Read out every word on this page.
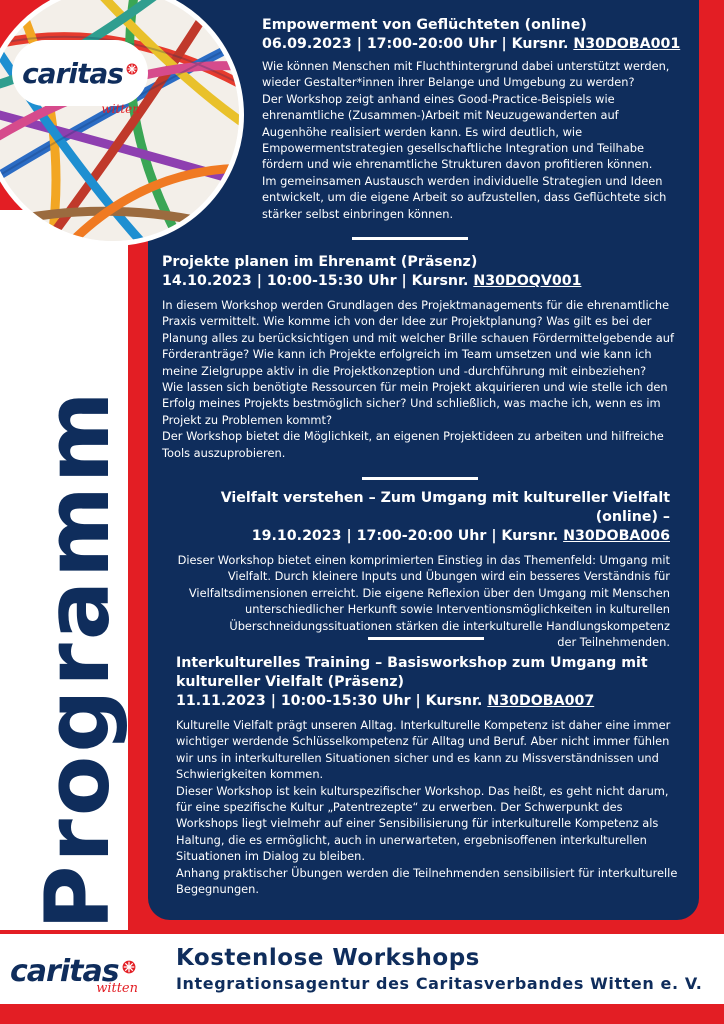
caritas
witten
Programm
Empowerment von Geflüchteten (online)
06.09.2023 | 17:00-20:00 Uhr | Kursnr. N30DOBA001

Wie können Menschen mit Fluchthintergrund dabei unterstützt werden,
wieder Gestalter*innen ihrer Belange und Umgebung zu werden?
Der Workshop zeigt anhand eines Good-Practice-Beispiels wie
ehrenamtliche (Zusammen-)Arbeit mit Neuzugewanderten auf
Augenhöhe realisiert werden kann. Es wird deutlich, wie
Empowermentstrategien gesellschaftliche Integration und Teilhabe
fördern und wie ehrenamtliche Strukturen davon profitieren können.
Im gemeinsamen Austausch werden individuelle Strategien und Ideen
entwickelt, um die eigene Arbeit so aufzustellen, dass Geflüchtete sich
stärker selbst einbringen können.

Projekte planen im Ehrenamt (Präsenz)
14.10.2023 | 10:00-15:30 Uhr | Kursnr. N30DOQV001

In diesem Workshop werden Grundlagen des Projektmanagements für die ehrenamtliche
Praxis vermittelt. Wie komme ich von der Idee zur Projektplanung? Was gilt es bei der
Planung alles zu berücksichtigen und mit welcher Brille schauen Fördermittelgebende auf
Förderanträge? Wie kann ich Projekte erfolgreich im Team umsetzen und wie kann ich
meine Zielgruppe aktiv in die Projektkonzeption und -durchführung mit einbeziehen?
Wie lassen sich benötigte Ressourcen für mein Projekt akquirieren und wie stelle ich den
Erfolg meines Projekts bestmöglich sicher? Und schließlich, was mache ich, wenn es im
Projekt zu Problemen kommt?
Der Workshop bietet die Möglichkeit, an eigenen Projektideen zu arbeiten und hilfreiche
Tools auszuprobieren.

Vielfalt verstehen – Zum Umgang mit kultureller Vielfalt (online) –
19.10.2023 | 17:00-20:00 Uhr | Kursnr. N30DOBA006

Dieser Workshop bietet einen komprimierten Einstieg in das Themenfeld: Umgang mit
Vielfalt. Durch kleinere Inputs und Übungen wird ein besseres Verständnis für
Vielfaltsdimensionen erreicht. Die eigene Reflexion über den Umgang mit Menschen
unterschiedlicher Herkunft sowie Interventionsmöglichkeiten in kulturellen
Überschneidungssituationen stärken die interkulturelle Handlungskompetenz
der Teilnehmenden.

Interkulturelles Training – Basisworkshop zum Umgang mit
kultureller Vielfalt (Präsenz)
11.11.2023 | 10:00-15:30 Uhr | Kursnr. N30DOBA007

Kulturelle Vielfalt prägt unseren Alltag. Interkulturelle Kompetenz ist daher eine immer
wichtiger werdende Schlüsselkompetenz für Alltag und Beruf. Aber nicht immer fühlen
wir uns in interkulturellen Situationen sicher und es kann zu Missverständnissen und
Schwierigkeiten kommen.
Dieser Workshop ist kein kulturspezifischer Workshop. Das heißt, es geht nicht darum,
für eine spezifische Kultur „Patentrezepte“ zu erwerben. Der Schwerpunkt des
Workshops liegt vielmehr auf einer Sensibilisierung für interkulturelle Kompetenz als
Haltung, die es ermöglicht, auch in unerwarteten, ergebnisoffenen interkulturellen
Situationen im Dialog zu bleiben.
Anhang praktischer Übungen werden die Teilnehmenden sensibilisiert für interkulturelle
Begegnungen.

caritas
witten
Kostenlose Workshops
Integrationsagentur des Caritasverbandes Witten e. V.
